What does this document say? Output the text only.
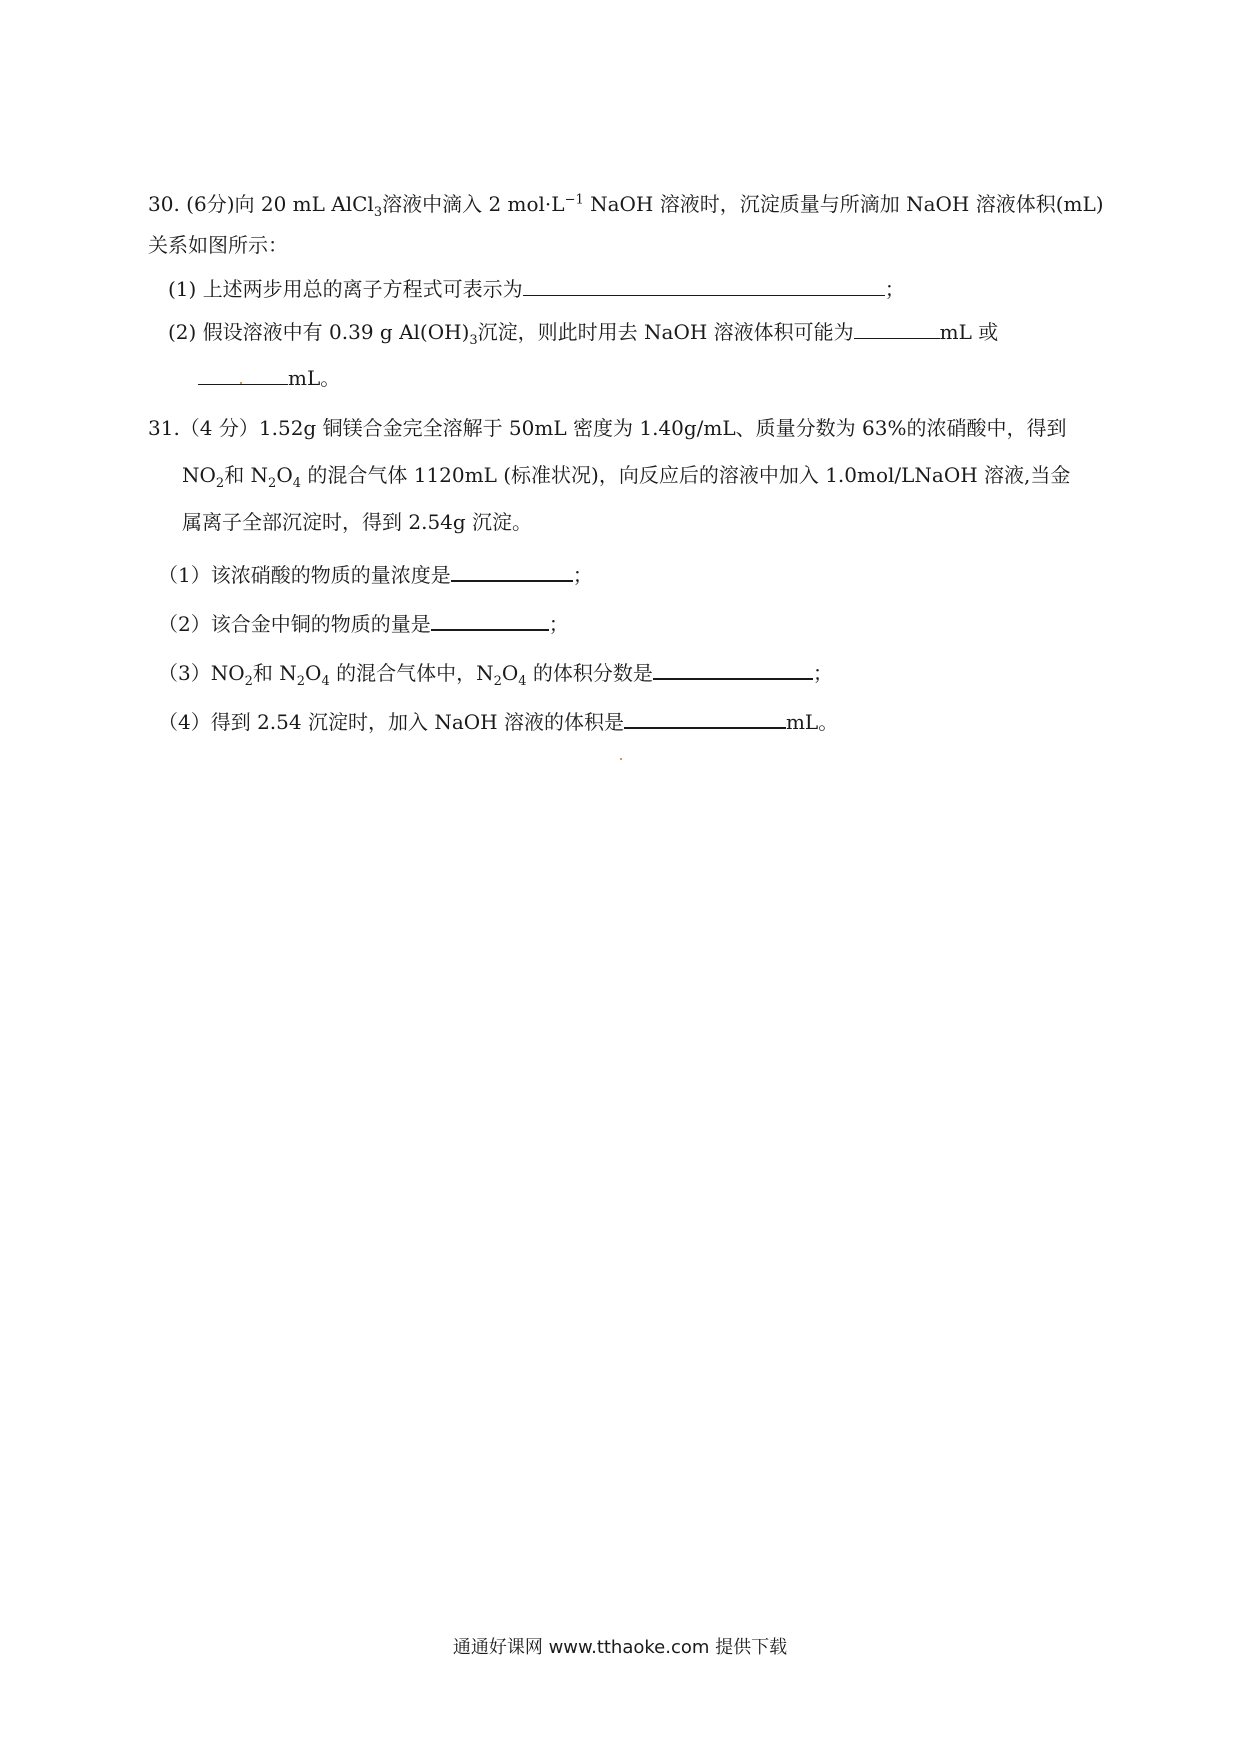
30. (6分)向 20 mL AlCl$_3$溶液中滴入 2 $mol\cdot L^{-1}$ NaOH 溶液时，沉淀质量与所滴加 NaOH 溶液体积(mL)
关系如图所示：
(1) 上述两步用总的离子方程式可表示为	；
(2) 假设溶液中有 0.39 g $Al(OH)_3$沉淀，则此时用去 NaOH 溶液体积可能为	mL 或
mL。
31.（4 分）1.52g 铜镁合金完全溶解于 50mL 密度为 1.40g/mL、质量分数为 63%的浓硝酸中，得到
$NO_2$和 $N_2O_4$ 的混合气体 1120mL (标准状况)，向反应后的溶液中加入 1.0mol/LNaOH 溶液,当金
属离子全部沉淀时，得到 2.54g 沉淀。
（1）该浓硝酸的物质的量浓度是	；
（2）该合金中铜的物质的量是	；
$(3)NO_2$和 $N_2O_4$ 的混合气体中，$N_2O_4$ 的体积分数是	；
（4）得到 2.54 沉淀时，加入 NaOH 溶液的体积是	mL。
通通好课网 www.tthaoke.com 提供下载
